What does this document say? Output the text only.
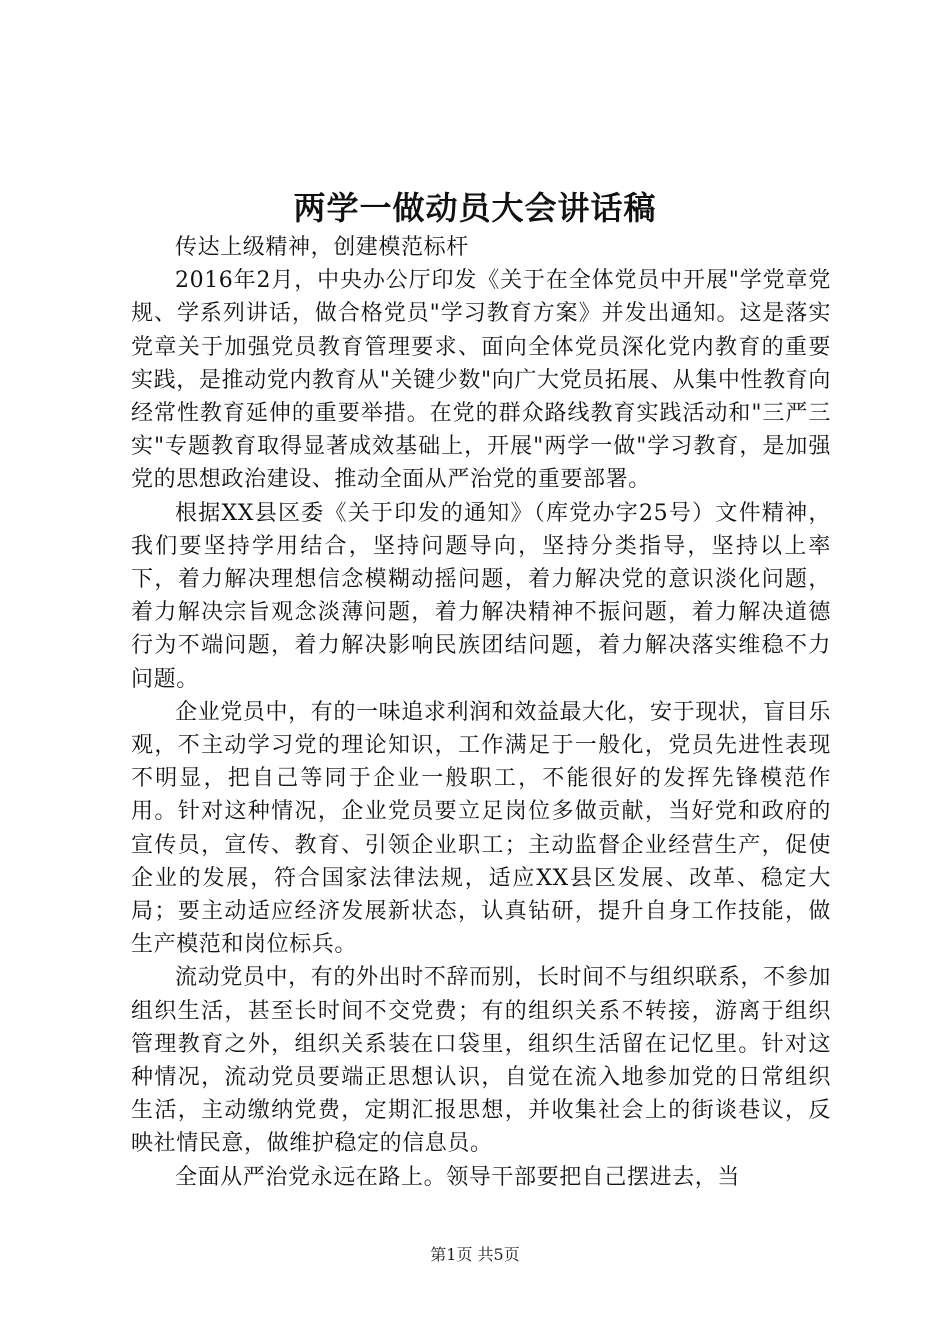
两学一做动员大会讲话稿

传达上级精神，创建模范标杆

2016年2月，中央办公厅印发《关于在全体党员中开展"学党章党规、学系列讲话，做合格党员"学习教育方案》并发出通知。这是落实党章关于加强党员教育管理要求、面向全体党员深化党内教育的重要实践，是推动党内教育从"关键少数"向广大党员拓展、从集中性教育向经常性教育延伸的重要举措。在党的群众路线教育实践活动和"三严三实"专题教育取得显著成效基础上，开展"两学一做"学习教育，是加强党的思想政治建设、推动全面从严治党的重要部署。

根据XX县区委《关于印发的通知》（库党办字25号）文件精神，我们要坚持学用结合，坚持问题导向，坚持分类指导，坚持以上率下，着力解决理想信念模糊动摇问题，着力解决党的意识淡化问题，着力解决宗旨观念淡薄问题，着力解决精神不振问题，着力解决道德行为不端问题，着力解决影响民族团结问题，着力解决落实维稳不力问题。

企业党员中，有的一味追求利润和效益最大化，安于现状，盲目乐观，不主动学习党的理论知识，工作满足于一般化，党员先进性表现不明显，把自己等同于企业一般职工，不能很好的发挥先锋模范作用。针对这种情况，企业党员要立足岗位多做贡献，当好党和政府的宣传员，宣传、教育、引领企业职工；主动监督企业经营生产，促使企业的发展，符合国家法律法规，适应XX县区发展、改革、稳定大局；要主动适应经济发展新状态，认真钻研，提升自身工作技能，做生产模范和岗位标兵。

流动党员中，有的外出时不辞而别，长时间不与组织联系，不参加组织生活，甚至长时间不交党费；有的组织关系不转接，游离于组织管理教育之外，组织关系装在口袋里，组织生活留在记忆里。针对这种情况，流动党员要端正思想认识，自觉在流入地参加党的日常组织生活，主动缴纳党费，定期汇报思想，并收集社会上的街谈巷议，反映社情民意，做维护稳定的信息员。

全面从严治党永远在路上。领导干部要把自己摆进去，当

第1页 共5页
